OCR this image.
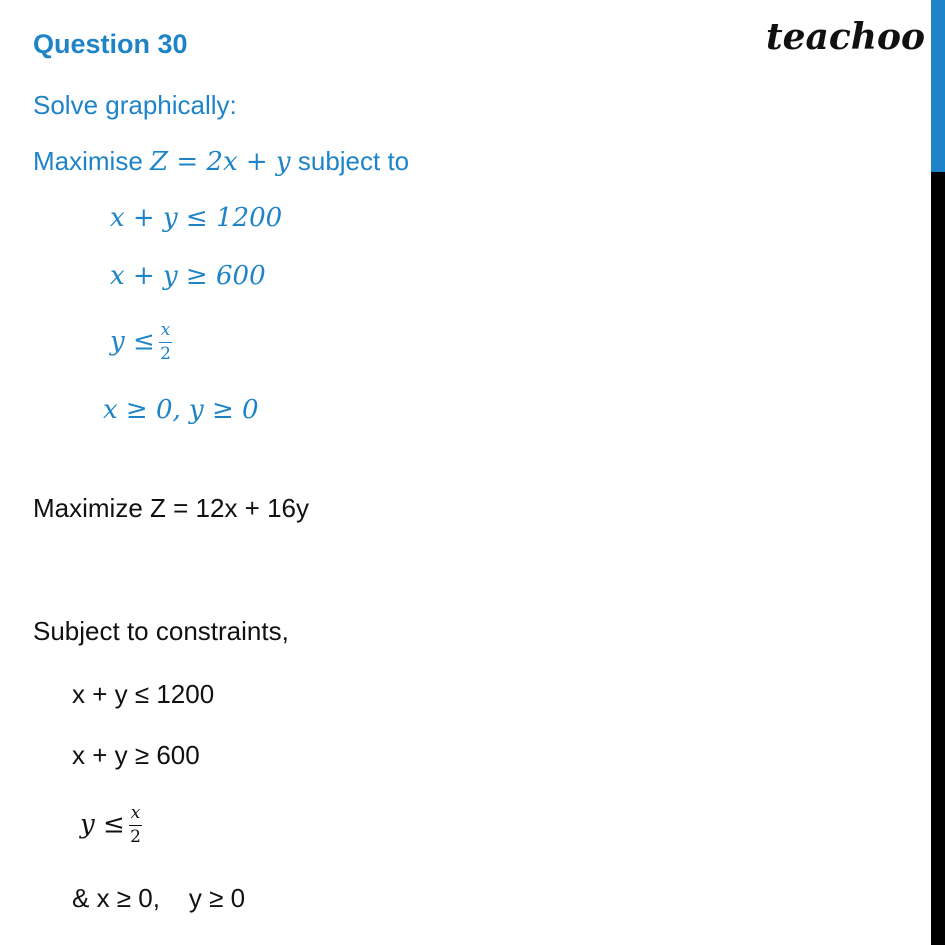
teachoo
Question 30
Solve graphically:
Maximise Z = 2x + y subject to
x + y ≤ 1200
x + y ≥ 600
$y \le \frac{x}{2}$
x ≥ 0, y ≥ 0
Maximize Z = 12x + 16y
Subject to constraints,
x + y ≤ 1200
x + y ≥ 600
$y \le \frac{x}{2}$
& x ≥ 0,    y ≥ 0
